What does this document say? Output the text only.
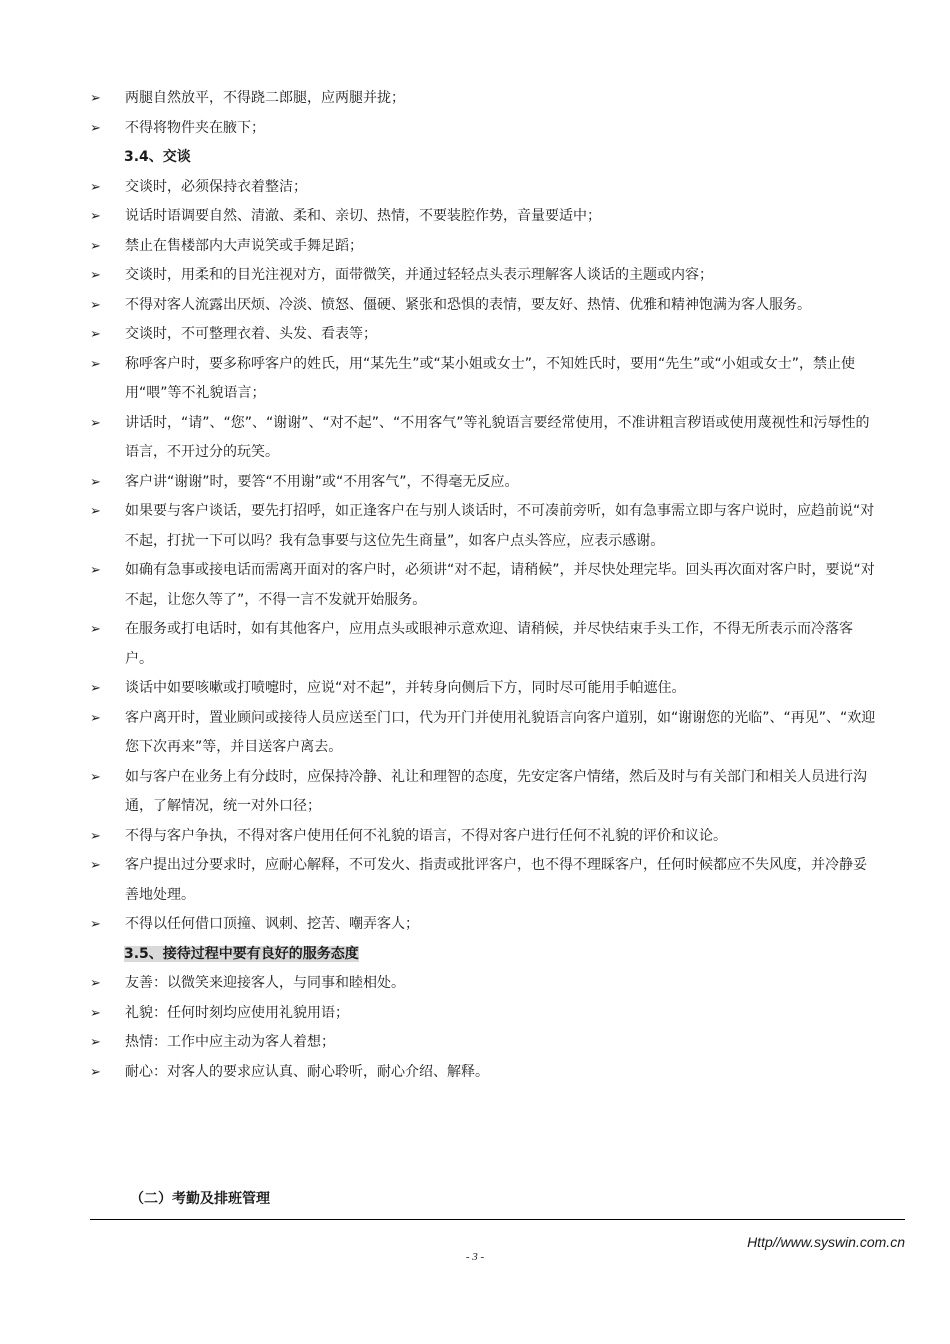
➢	两腿自然放平，不得跷二郎腿，应两腿并拢；
➢	不得将物件夹在腋下；
3.4、交谈
➢	交谈时，必须保持衣着整洁；
➢	说话时语调要自然、清澈、柔和、亲切、热情，不要装腔作势，音量要适中；
➢	禁止在售楼部内大声说笑或手舞足蹈；
➢	交谈时，用柔和的目光注视对方，面带微笑，并通过轻轻点头表示理解客人谈话的主题或内容；
➢	不得对客人流露出厌烦、冷淡、愤怒、僵硬、紧张和恐惧的表情，要友好、热情、优雅和精神饱满为客人服务。
➢	交谈时，不可整理衣着、头发、看表等；
➢	称呼客户时，要多称呼客户的姓氏，用“某先生”或“某小姐或女士”，不知姓氏时，要用“先生”或“小姐或女士”，禁止使用“喂”等不礼貌语言；
➢	讲话时，“请”、“您”、“谢谢”、“对不起”、“不用客气”等礼貌语言要经常使用，不准讲粗言秽语或使用蔑视性和污辱性的语言，不开过分的玩笑。
➢	客户讲“谢谢”时，要答“不用谢”或“不用客气”，不得毫无反应。
➢	如果要与客户谈话，要先打招呼，如正逢客户在与别人谈话时，不可凑前旁听，如有急事需立即与客户说时，应趋前说“对不起，打扰一下可以吗？我有急事要与这位先生商量”，如客户点头答应，应表示感谢。
➢	如确有急事或接电话而需离开面对的客户时，必须讲“对不起，请稍候”，并尽快处理完毕。回头再次面对客户时，要说“对不起，让您久等了”，不得一言不发就开始服务。
➢	在服务或打电话时，如有其他客户，应用点头或眼神示意欢迎、请稍候，并尽快结束手头工作，不得无所表示而冷落客户。
➢	谈话中如要咳嗽或打喷嚏时，应说“对不起”，并转身向侧后下方，同时尽可能用手帕遮住。
➢	客户离开时，置业顾问或接待人员应送至门口，代为开门并使用礼貌语言向客户道别，如“谢谢您的光临”、“再见”、“欢迎您下次再来”等，并目送客户离去。
➢	如与客户在业务上有分歧时，应保持冷静、礼让和理智的态度，先安定客户情绪，然后及时与有关部门和相关人员进行沟通，了解情况，统一对外口径；
➢	不得与客户争执，不得对客户使用任何不礼貌的语言，不得对客户进行任何不礼貌的评价和议论。
➢	客户提出过分要求时，应耐心解释，不可发火、指责或批评客户，也不得不理睬客户，任何时候都应不失风度，并冷静妥善地处理。
➢	不得以任何借口顶撞、讽刺、挖苦、嘲弄客人；
3.5、接待过程中要有良好的服务态度
➢	友善：以微笑来迎接客人，与同事和睦相处。
➢	礼貌：任何时刻均应使用礼貌用语；
➢	热情：工作中应主动为客人着想；
➢	耐心：对客人的要求应认真、耐心聆听，耐心介绍、解释。
（二）考勤及排班管理
Http//www.syswin.com.cn
- 3 -
